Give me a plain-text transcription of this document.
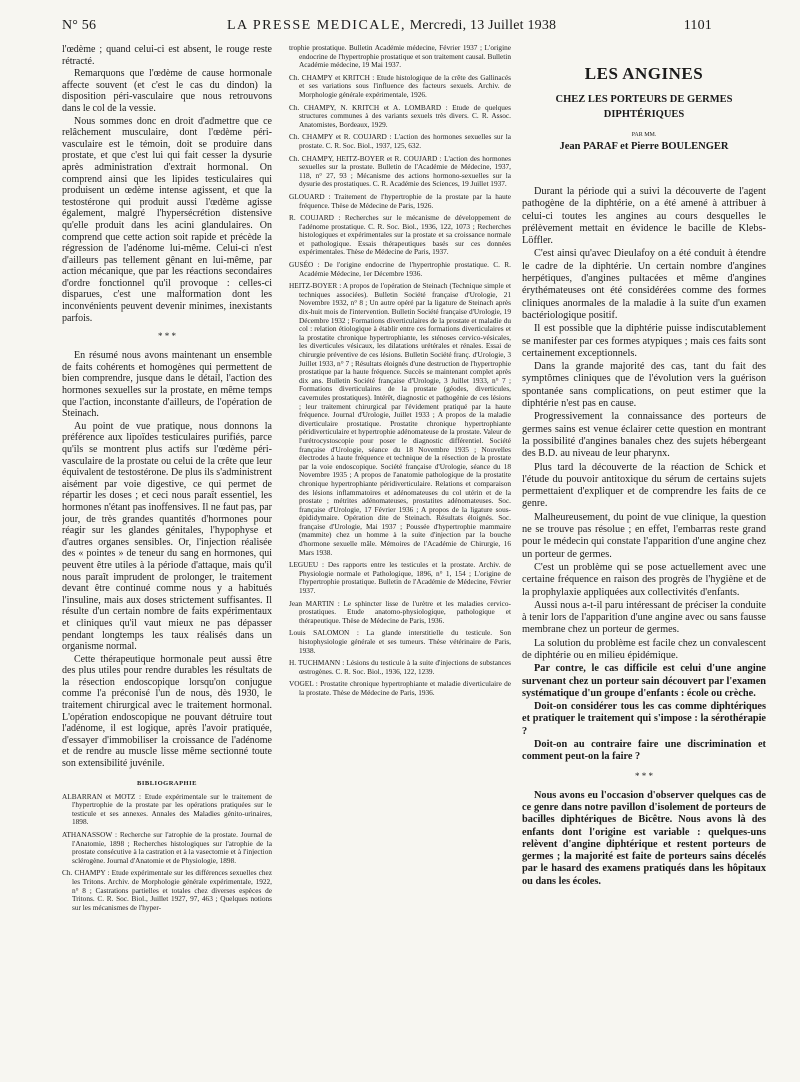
N° 56	LA PRESSE MEDICALE, Mercredi, 13 Juillet 1938	1101

l'œdème ; quand celui-ci est absent, le rouge reste rétracté.

Remarquons que l'œdème de cause hormonale affecte souvent (et c'est le cas du dindon) la disposition péri-vasculaire que nous retrouvons dans le col de la vessie.

Nous sommes donc en droit d'admettre que ce relâchement musculaire, dont l'œdème péri-vasculaire est le témoin, doit se produire dans prostate, et que c'est lui qui fait cesser la dysurie après administration d'extrait hormonal. On comprend ainsi que les lipides testiculaires qui produisent un œdème intense agissent, et que la testostérone qui produit aussi l'œdème agisse également, malgré l'hypersécrétion distensive qu'elle produit dans les acini glandulaires. On comprend que cette action soit rapide et précède la régression de l'adénome lui-même. Celui-ci n'est d'ailleurs pas tellement gênant en lui-même, par action mécanique, que par les réactions secondaires d'ordre fonctionnel qu'il provoque : celles-ci disparues, c'est une malformation dont les inconvénients peuvent devenir minimes, inexistants parfois.

* * *

En résumé nous avons maintenant un ensemble de faits cohérents et homogènes qui permettent de bien comprendre, jusque dans le détail, l'action des hormones sexuelles sur la prostate, en même temps que l'action, inconstante d'ailleurs, de l'opération de Steinach.

Au point de vue pratique, nous donnons la préférence aux lipoïdes testiculaires purifiés, parce qu'ils se montrent plus actifs sur l'œdème péri-vasculaire de la prostate ou celui de la crête que leur équivalent de testostérone. De plus ils s'administrent aisément par voie digestive, ce qui permet de répartir les doses ; et ceci nous paraît essentiel, les hormones n'étant pas inoffensives. Il ne faut pas, par jour, de très grandes quantités d'hormones pour réagir sur les glandes génitales, l'hypophyse et d'autres organes sensibles. Or, l'injection réalisée des « pointes » de teneur du sang en hormones, qui peuvent être utiles à la période d'attaque, mais qu'il nous paraît imprudent de prolonger, le traitement devant être continué comme nous y a habitués l'insuline, mais aux doses strictement suffisantes. Il résulte d'un certain nombre de faits expérimentaux et cliniques qu'il vaut mieux ne pas dépasser pendant longtemps les taux réalisés dans un organisme normal.

Cette thérapeutique hormonale peut aussi être des plus utiles pour rendre durables les résultats de la résection endoscopique lorsqu'on conjugue comme l'a préconisé l'un de nous, dès 1930, le traitement chirurgical avec le traitement hormonal. L'opération endoscopique ne pouvant détruire tout l'adénome, il est logique, après l'avoir pratiquée, d'essayer d'immobiliser la croissance de l'adénome et de rendre au muscle lisse même sectionné toute son extensibilité juvénile.

BIBLIOGRAPHIE

ALBARRAN et MOTZ : Etude expérimentale sur le traitement de l'hypertrophie de la prostate par les opérations pratiquées sur le testicule et ses annexes. Annales des Maladies génito-urinaires, 1898.

ATHANASSOW : Recherche sur l'atrophie de la prostate. Journal de l'Anatomie, 1898 ; Recherches histologiques sur l'atrophie de la prostate consécutive à la castration et à la vasectomie et à l'injection sclérogène. Journal d'Anatomie et de Physiologie, 1898.

Ch. CHAMPY : Etude expérimentale sur les différences sexuelles chez les Tritons. Archiv. de Morphologie générale expérimentale, 1922, n° 8 ; Castrations partielles et totales chez diverses espèces de Tritons. C. R. Soc. Biol., Juillet 1927, 97, 463 ; Quelques notions sur les mécanismes de l'hyper-

trophie prostatique. Bulletin Académie médecine, Février 1937 ; L'origine endocrine de l'hypertrophie prostatique et son traitement causal. Bulletin Académie médecine, 19 Mai 1937.

Ch. CHAMPY et KRITCH : Etude histologique de la crête des Gallinacés et ses variations sous l'influence des facteurs sexuels. Archiv. de Morphologie générale expérimentale, 1926.

Ch. CHAMPY, N. KRITCH et A. LOMBARD : Etude de quelques structures communes à des variants sexuels très divers. C. R. Assoc. Anatomistes, Bordeaux, 1929.

Ch. CHAMPY et R. COUJARD : L'action des hormones sexuelles sur la prostate. C. R. Soc. Biol., 1937, 125, 632.

Ch. CHAMPY, HEITZ-BOYER et R. COUJARD : L'action des hormones sexuelles sur la prostate. Bulletin de l'Académie de Médecine, 1937, 118, n° 27, 93 ; Mécanisme des actions hormono-sexuelles sur la dysurie des prostatiques. C. R. Académie des Sciences, 19 Juillet 1937.

GLOUARD : Traitement de l'hypertrophie de la prostate par la haute fréquence. Thèse de Médecine de Paris, 1926.

R. COUJARD : Recherches sur le mécanisme de développement de l'adénome prostatique. C. R. Soc. Biol., 1936, 122, 1073 ; Recherches histologiques et expérimentales sur la prostate et sa croissance normale et pathologique. Essais thérapeutiques basés sur ces données expérimentales. Thèse de Médecine de Paris, 1937.

GUSÉO : De l'origine endocrine de l'hypertrophie prostatique. C. R. Académie Médecine, 1er Décembre 1936.

HEITZ-BOYER : A propos de l'opération de Steinach (Technique simple et techniques associées). Bulletin Société française d'Urologie, 21 Novembre 1932, n° 8 ; Un autre opéré par la ligature de Steinach après dix-huit mois de l'intervention. Bulletin Société française d'Urologie, 19 Décembre 1932 ; Formations diverticulaires de la prostate et maladie du col : relation étiologique à établir entre ces formations diverticulaires et la prostatite chronique hypertrophiante, les sténoses cervico-vésicales, les diverticules vésicaux, les dilatations urétérales et rénales. Essai de chirurgie préventive de ces lésions. Bulletin Société franç. d'Urologie, 3 Juillet 1933, n° 7 ; Résultats éloignés d'une destruction de l'hypertrophie prostatique par la haute fréquence. Succès se maintenant complet après dix ans. Bulletin Société française d'Urologie, 3 Juillet 1933, n° 7 ; Formations diverticulaires de la prostate (géodes, diverticules, cavernules prostatiques). Intérêt, diagnostic et pathogénie de ces lésions ; leur traitement chirurgical par l'évidement pratiqué par la haute fréquence. Journal d'Urologie, Juillet 1933 ; A propos de la maladie diverticulaire prostatique. Prostatite chronique hypertrophiante péridiverticulaire et hypertrophie adénomateuse de la prostate. Valeur de l'urétrocystoscopie pour poser le diagnostic différentiel. Société française d'Urologie, séance du 18 Novembre 1935 ; Nouvelles électrodes à haute fréquence et technique de la résection de la prostate par la voie endoscopique. Société française d'Urologie, séance du 18 Novembre 1935 ; A propos de l'anatomie pathologique de la prostatite chronique hypertrophiante péridiverticulaire. Relations et comparaison des lésions inflammatoires et adénomateuses du col utérin et de la prostate ; métrites adénomateuses, prostatites adénomateuses. Soc. française d'Urologie, 17 Février 1936 ; A propos de la ligature sous-épididymaire. Opération dite de Steinach. Résultats éloignés. Soc. française d'Urologie, Mai 1937 ; Poussée d'hypertrophie mammaire (mammite) chez un homme à la suite d'injection par la bouche d'hormone sexuelle mâle. Mémoires de l'Académie de Chirurgie, 16 Mars 1938.

LEGUEU : Des rapports entre les testicules et la prostate. Archiv. de Physiologie normale et Pathologique, 1896, n° 1, 154 ; L'origine de l'hypertrophie prostatique. Bulletin de l'Académie de Médecine, Février 1937.

Jean MARTIN : Le sphincter lisse de l'urètre et les maladies cervico-prostatiques. Etude anatomo-physiologique, pathologique et thérapeutique. Thèse de Médecine de Paris, 1936.

Louis SALOMON : La glande interstitielle du testicule. Son histophysiologie générale et ses tumeurs. Thèse vétérinaire de Paris, 1938.

H. TUCHMANN : Lésions du testicule à la suite d'injections de substances œstrogènes. C. R. Soc. Biol., 1936, 122, 1239.

VOGEL : Prostatite chronique hypertrophiante et maladie diverticulaire de la prostate. Thèse de Médecine de Paris, 1936.

LES ANGINES
CHEZ LES PORTEURS DE GERMES DIPHTÉRIQUES
PAR MM.
Jean PARAF et Pierre BOULENGER

Durant la période qui a suivi la découverte de l'agent pathogène de la diphtérie, on a été amené à attribuer à celui-ci toutes les angines au cours desquelles le prélèvement mettait en évidence le bacille de Klebs-Löffler.

C'est ainsi qu'avec Dieulafoy on a été conduit à étendre le cadre de la diphtérie. Un certain nombre d'angines herpétiques, d'angines pultacées et même d'angines érythémateuses ont été considérées comme des formes cliniques anormales de la maladie à la suite d'un examen bactériologique positif.

Il est possible que la diphtérie puisse indiscutablement se manifester par ces formes atypiques ; mais ces faits sont certainement exceptionnels.

Dans la grande majorité des cas, tant du fait des symptômes cliniques que de l'évolution vers la guérison spontanée sans complications, on peut estimer que la diphtérie n'est pas en cause.

Progressivement la connaissance des porteurs de germes sains est venue éclairer cette question en montrant la possibilité d'angines banales chez des sujets hébergeant des B.D. au niveau de leur pharynx.

Plus tard la découverte de la réaction de Schick et l'étude du pouvoir antitoxique du sérum de certains sujets permettaient d'expliquer et de comprendre les faits de ce genre.

Malheureusement, du point de vue clinique, la question ne se trouve pas résolue ; en effet, l'embarras reste grand pour le médecin qui constate l'apparition d'une angine chez un porteur de germes.

C'est un problème qui se pose actuellement avec une certaine fréquence en raison des progrès de l'hygiène et de la prophylaxie appliquées aux collectivités d'enfants.

Aussi nous a-t-il paru intéressant de préciser la conduite à tenir lors de l'apparition d'une angine avec ou sans fausse membrane chez un porteur de germes.

La solution du problème est facile chez un convalescent de diphtérie ou en milieu épidémique.

Par contre, le cas difficile est celui d'une angine survenant chez un porteur sain découvert par l'examen systématique d'un groupe d'enfants : école ou crèche.

Doit-on considérer tous les cas comme diphtériques et pratiquer le traitement qui s'impose : la sérothérapie ?

Doit-on au contraire faire une discrimination et comment peut-on la faire ?

* * *

Nous avons eu l'occasion d'observer quelques cas de ce genre dans notre pavillon d'isolement de porteurs de bacilles diphtériques de Bicêtre. Nous avons là des enfants dont l'origine est variable : quelques-uns relèvent d'angine diphtérique et restent porteurs de germes ; la majorité est faite de porteurs sains décelés par le hasard des examens pratiqués dans les hôpitaux ou dans les écoles.
